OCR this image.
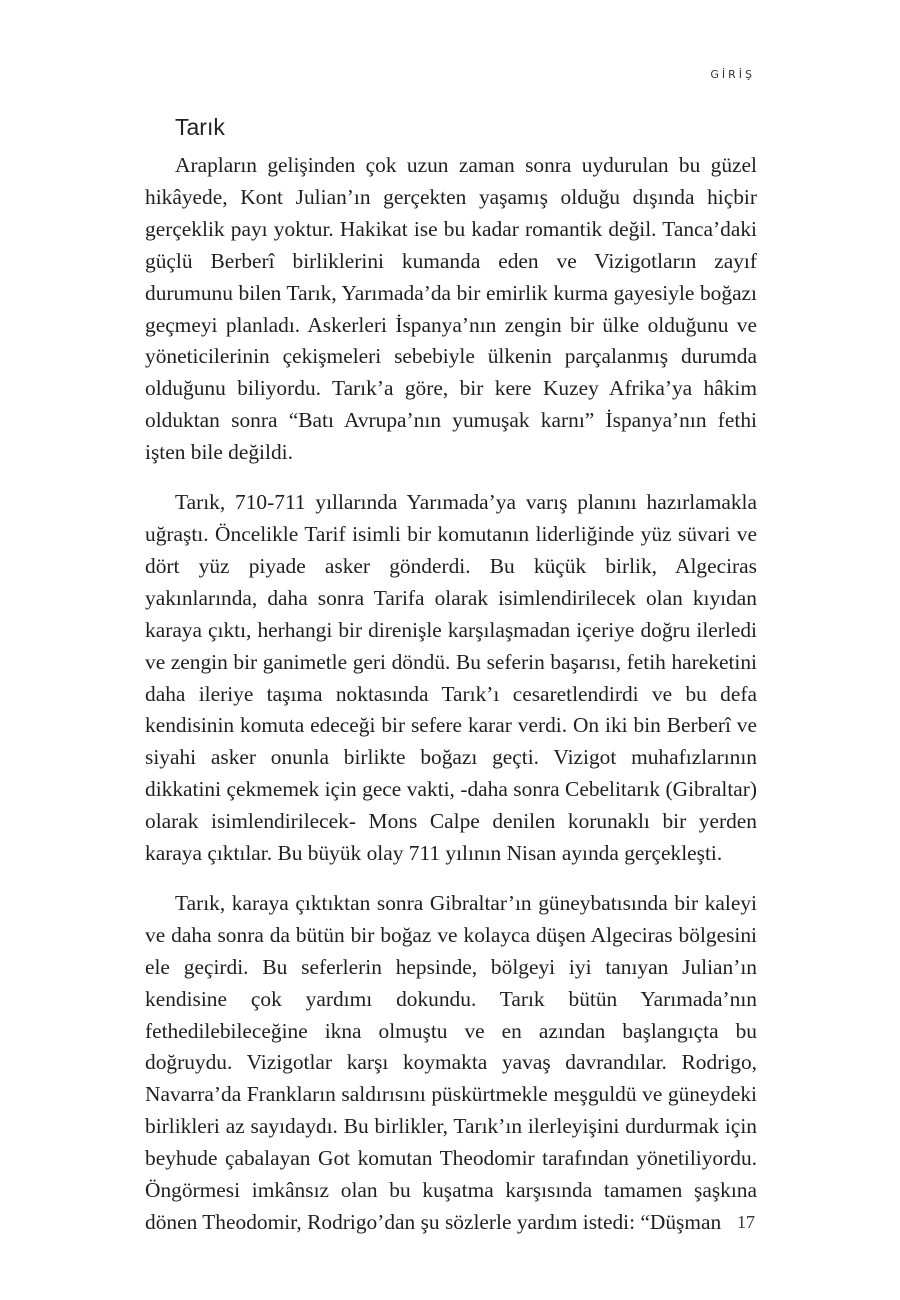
GİRİŞ
Tarık

Arapların gelişinden çok uzun zaman sonra uydurulan bu güzel hikâyede, Kont Julian’ın gerçekten yaşamış olduğu dışında hiçbir gerçeklik payı yoktur. Hakikat ise bu kadar romantik değil. Tanca’daki güçlü Berberî birliklerini kumanda eden ve Vizigotların zayıf durumunu bilen Tarık, Yarımada’da bir emirlik kurma gayesiyle boğazı geçmeyi planladı. Askerleri İspanya’nın zengin bir ülke olduğunu ve yöneticilerinin çekişmeleri sebebiyle ülkenin parçalanmış durumda olduğunu biliyordu. Tarık’a göre, bir kere Kuzey Afrika’ya hâkim olduktan sonra “Batı Avrupa’nın yumuşak karnı” İspanya’nın fethi işten bile değildi.

Tarık, 710-711 yıllarında Yarımada’ya varış planını hazırlamakla uğraştı. Öncelikle Tarif isimli bir komutanın liderliğinde yüz süvari ve dört yüz piyade asker gönderdi. Bu küçük birlik, Algeciras yakınlarında, daha sonra Tarifa olarak isimlendirilecek olan kıyıdan karaya çıktı, herhangi bir direnişle karşılaşmadan içeriye doğru ilerledi ve zengin bir ganimetle geri döndü. Bu seferin başarısı, fetih hareketini daha ileriye taşıma noktasında Tarık’ı cesaretlendirdi ve bu defa kendisinin komuta edeceği bir sefere karar verdi. On iki bin Berberî ve siyahi asker onunla birlikte boğazı geçti. Vizigot muhafızlarının dikkatini çekmemek için gece vakti, -daha sonra Cebelitarık (Gibraltar) olarak isimlendirilecek- Mons Calpe denilen korunaklı bir yerden karaya çıktılar. Bu büyük olay 711 yılının Nisan ayında gerçekleşti.

Tarık, karaya çıktıktan sonra Gibraltar’ın güneybatısında bir kaleyi ve daha sonra da bütün bir boğaz ve kolayca düşen Algeciras bölgesini ele geçirdi. Bu seferlerin hepsinde, bölgeyi iyi tanıyan Julian’ın kendisine çok yardımı dokundu. Tarık bütün Yarımada’nın fethedilebileceğine ikna olmuştu ve en azından başlangıçta bu doğruydu. Vizigotlar karşı koymakta yavaş davrandılar. Rodrigo, Navarra’da Frankların saldırısını püskürtmekle meşguldü ve güneydeki birlikleri az sayıdaydı. Bu birlikler, Tarık’ın ilerleyişini durdurmak için beyhude çabalayan Got komutan Theodomir tarafından yönetiliyordu. Öngörmesi imkânsız olan bu kuşatma karşısında tamamen şaşkına dönen Theodomir, Rodrigo’dan şu sözlerle yardım istedi: “Düşman 17
